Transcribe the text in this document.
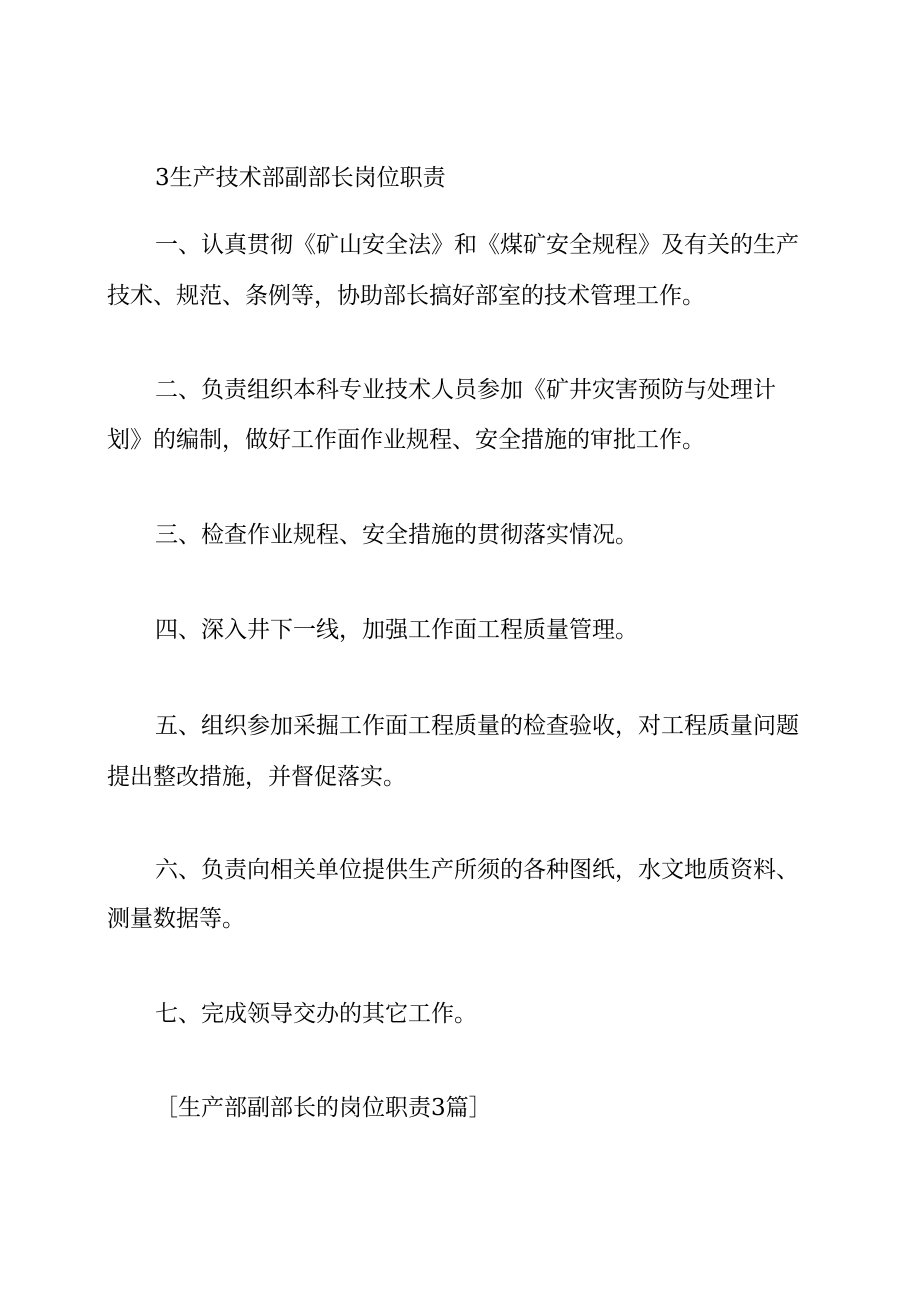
3生产技术部副部长岗位职责
一、认真贯彻《矿山安全法》和《煤矿安全规程》及有关的生产
技术、规范、条例等，协助部长搞好部室的技术管理工作。
二、负责组织本科专业技术人员参加《矿井灾害预防与处理计
划》的编制，做好工作面作业规程、安全措施的审批工作。
三、检查作业规程、安全措施的贯彻落实情况。
四、深入井下一线，加强工作面工程质量管理。
五、组织参加采掘工作面工程质量的检查验收，对工程质量问题
提出整改措施，并督促落实。
六、负责向相关单位提供生产所须的各种图纸，水文地质资料、
测量数据等。
七、完成领导交办的其它工作。
［生产部副部长的岗位职责3篇］
